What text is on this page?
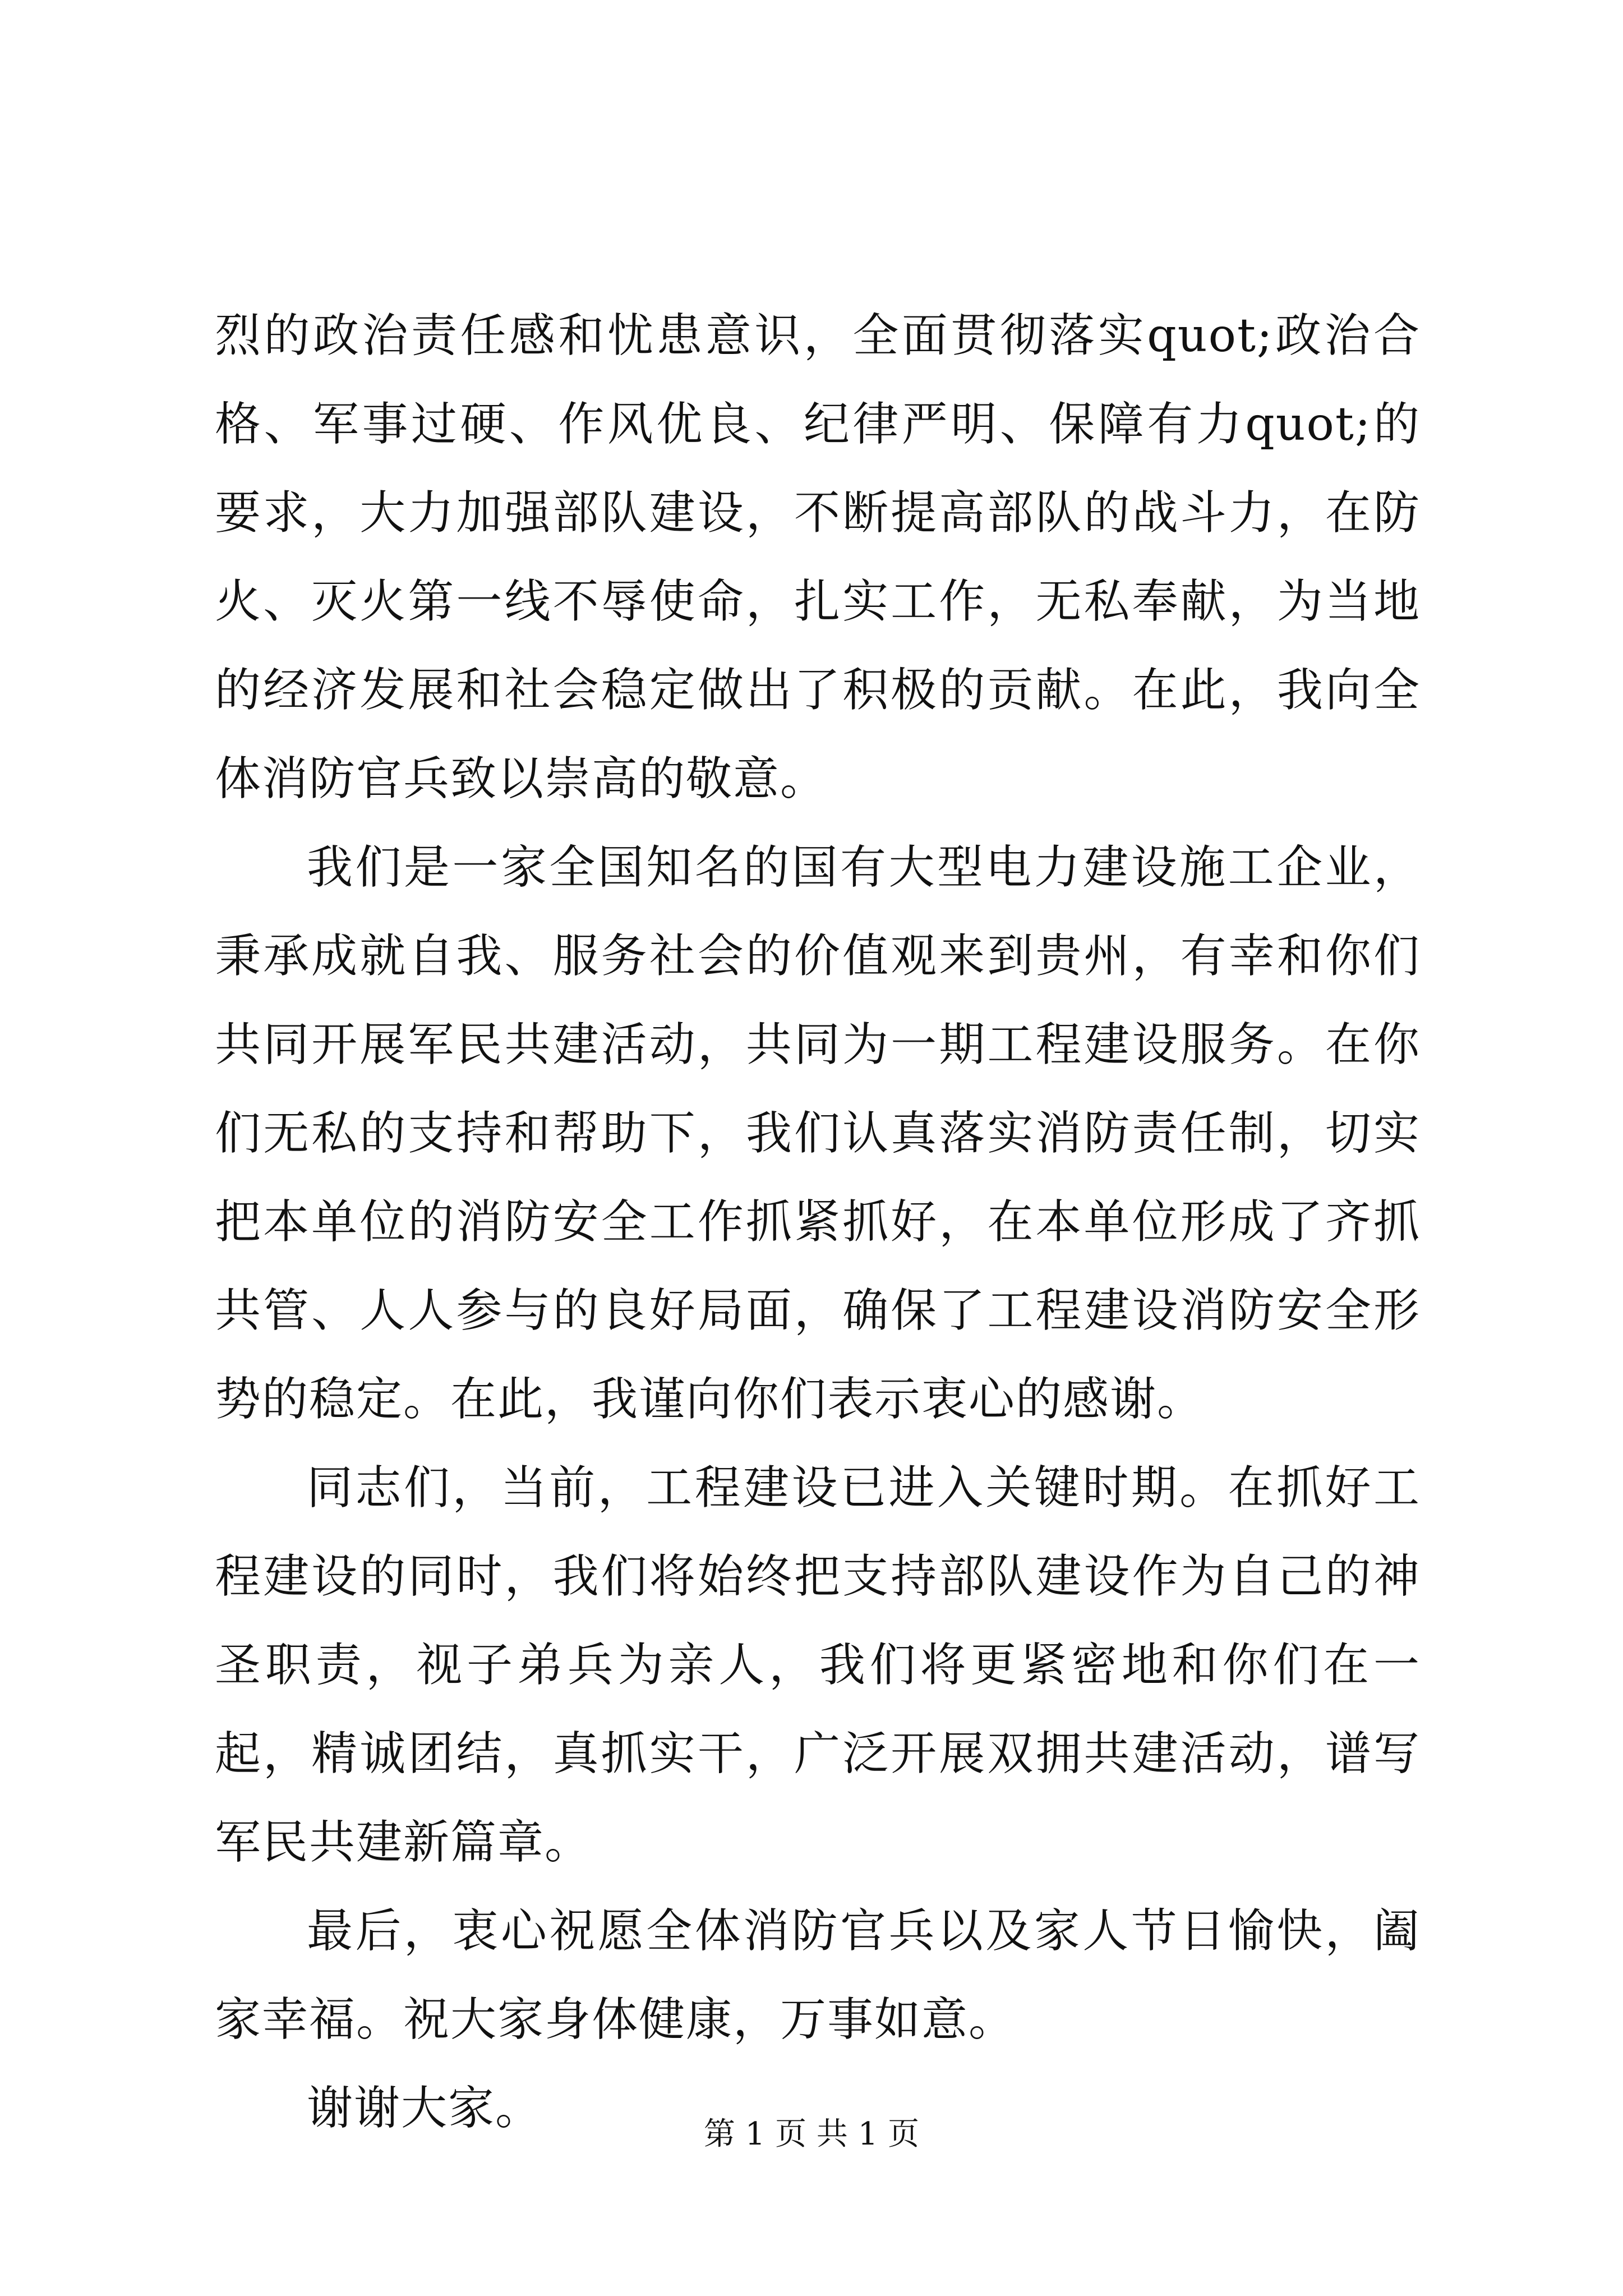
烈的政治责任感和忧患意识，全面贯彻落实quot;政治合格、军事过硬、作风优良、纪律严明、保障有力quot;的要求，大力加强部队建设，不断提高部队的战斗力，在防火、灭火第一线不辱使命，扎实工作，无私奉献，为当地的经济发展和社会稳定做出了积极的贡献。在此，我向全体消防官兵致以崇高的敬意。

我们是一家全国知名的国有大型电力建设施工企业，秉承成就自我、服务社会的价值观来到贵州，有幸和你们共同开展军民共建活动，共同为一期工程建设服务。在你们无私的支持和帮助下，我们认真落实消防责任制，切实把本单位的消防安全工作抓紧抓好，在本单位形成了齐抓共管、人人参与的良好局面，确保了工程建设消防安全形势的稳定。在此，我谨向你们表示衷心的感谢。

同志们，当前，工程建设已进入关键时期。在抓好工程建设的同时，我们将始终把支持部队建设作为自己的神圣职责，视子弟兵为亲人，我们将更紧密地和你们在一起，精诚团结，真抓实干，广泛开展双拥共建活动，谱写军民共建新篇章。

最后，衷心祝愿全体消防官兵以及家人节日愉快，阖家幸福。祝大家身体健康，万事如意。

谢谢大家。	第 1 页 共 1 页
